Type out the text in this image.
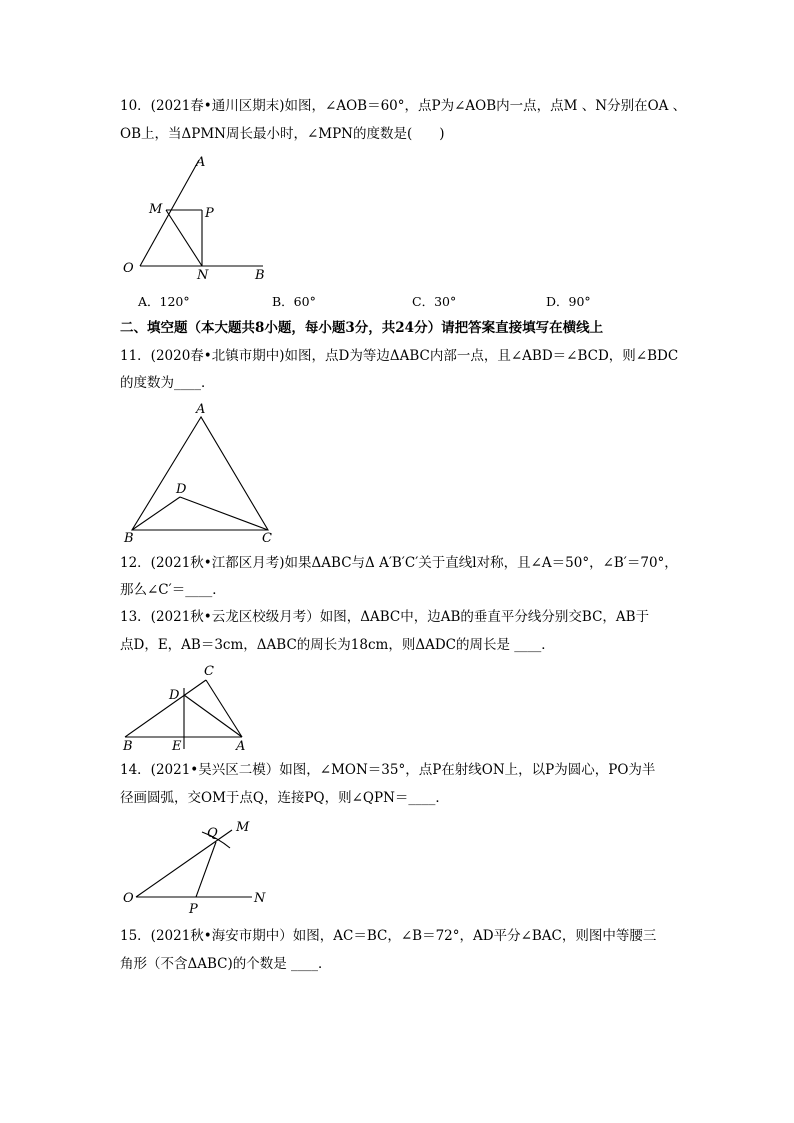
10．(2021春•通川区期末)如图，∠AOB＝60°，点P为∠AOB内一点，点M 、N分别在OA 、
OB上，当ΔPMN周长最小时，∠MPN的度数是(　　)
A
M	P
O	N	B
A．120°	B．60°	C．30°	D．90°
二、填空题（本大题共8小题，每小题3分，共24分）请把答案直接填写在横线上
11．(2020春•北镇市期中)如图，点D为等边ΔABC内部一点，且∠ABD＝∠BCD，则∠BDC
的度数为____．
A
D
B	C
12．(2021秋•江都区月考)如果ΔABC与Δ A′B′C′关于直线l对称，且∠A＝50°，∠B′＝70°，
那么∠C′＝____．
13．(2021秋•云龙区校级月考）如图，ΔABC中，边AB的垂直平分线分别交BC，AB于
点D，E，AB＝3cm，ΔABC的周长为18cm，则ΔADC的周长是 ____．
C
D
B	E	A
14．(2021•吴兴区二模）如图，∠MON＝35°，点P在射线ON上，以P为圆心，PO为半
径画圆弧，交OM于点Q，连接PQ，则∠QPN＝____．
Q M
O
P
N
15．(2021秋•海安市期中）如图，AC＝BC，∠B＝72°，AD平分∠BAC，则图中等腰三
角形（不含ΔABC)的个数是 ____．
